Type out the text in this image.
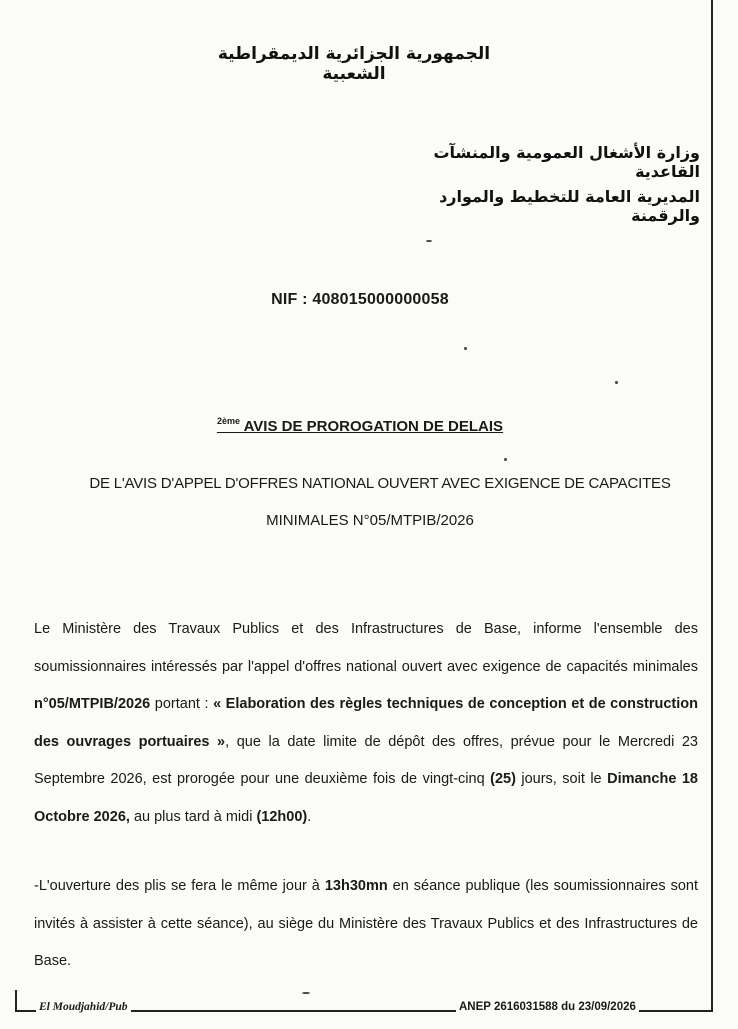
الجمهورية الجزائرية الديمقراطية الشعبية
وزارة الأشغال العمومية والمنشآت القاعدية
المديرية العامة للتخطيط والموارد والرقمنة
NIF : 408015000000058
$^{2ème}$ AVIS DE PROROGATION DE DELAIS
DE L'AVIS D'APPEL D'OFFRES NATIONAL OUVERT AVEC EXIGENCE DE CAPACITES
MINIMALES N°05/MTPIB/2026
Le Ministère des Travaux Publics et des Infrastructures de Base, informe l'ensemble des soumissionnaires intéressés par l'appel d'offres national ouvert avec exigence de capacités minimales n°05/MTPIB/2026 portant : « Elaboration des règles techniques de conception et de construction des ouvrages portuaires », que la date limite de dépôt des offres, prévue pour le Mercredi 23 Septembre 2026, est prorogée pour une deuxième fois de vingt-cinq (25) jours, soit le Dimanche 18 Octobre 2026, au plus tard à midi (12h00).
-L'ouverture des plis se fera le même jour à 13h30mn en séance publique (les soumissionnaires sont invités à assister à cette séance), au siège du Ministère des Travaux Publics et des Infrastructures de Base.
El Moudjahid/Pub	ANEP 2616031588 du 23/09/2026
